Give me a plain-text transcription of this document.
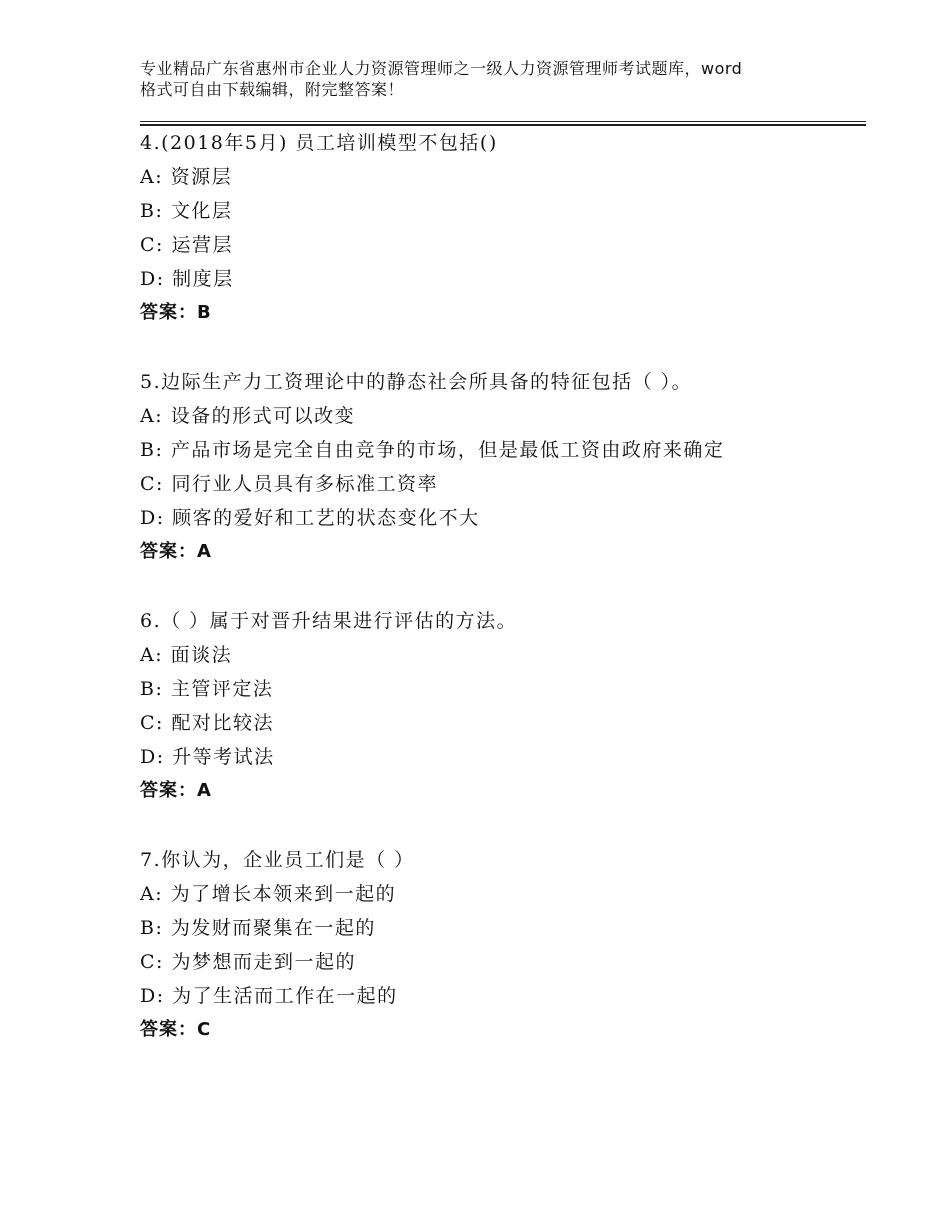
专业精品广东省惠州市企业人力资源管理师之一级人力资源管理师考试题库，word
格式可自由下载编辑，附完整答案！
4.(2018年5月) 员工培训模型不包括()
A: 资源层
B: 文化层
C: 运营层
D: 制度层
答案：B
5.边际生产力工资理论中的静态社会所具备的特征包括（ ）。
A: 设备的形式可以改变
B: 产品市场是完全自由竞争的市场，但是最低工资由政府来确定
C: 同行业人员具有多标准工资率
D: 顾客的爱好和工艺的状态变化不大
答案：A
6.（ ）属于对晋升结果进行评估的方法。
A: 面谈法
B: 主管评定法
C: 配对比较法
D: 升等考试法
答案：A
7.你认为，企业员工们是（ ）
A: 为了增长本领来到一起的
B: 为发财而聚集在一起的
C: 为梦想而走到一起的
D: 为了生活而工作在一起的
答案：C
